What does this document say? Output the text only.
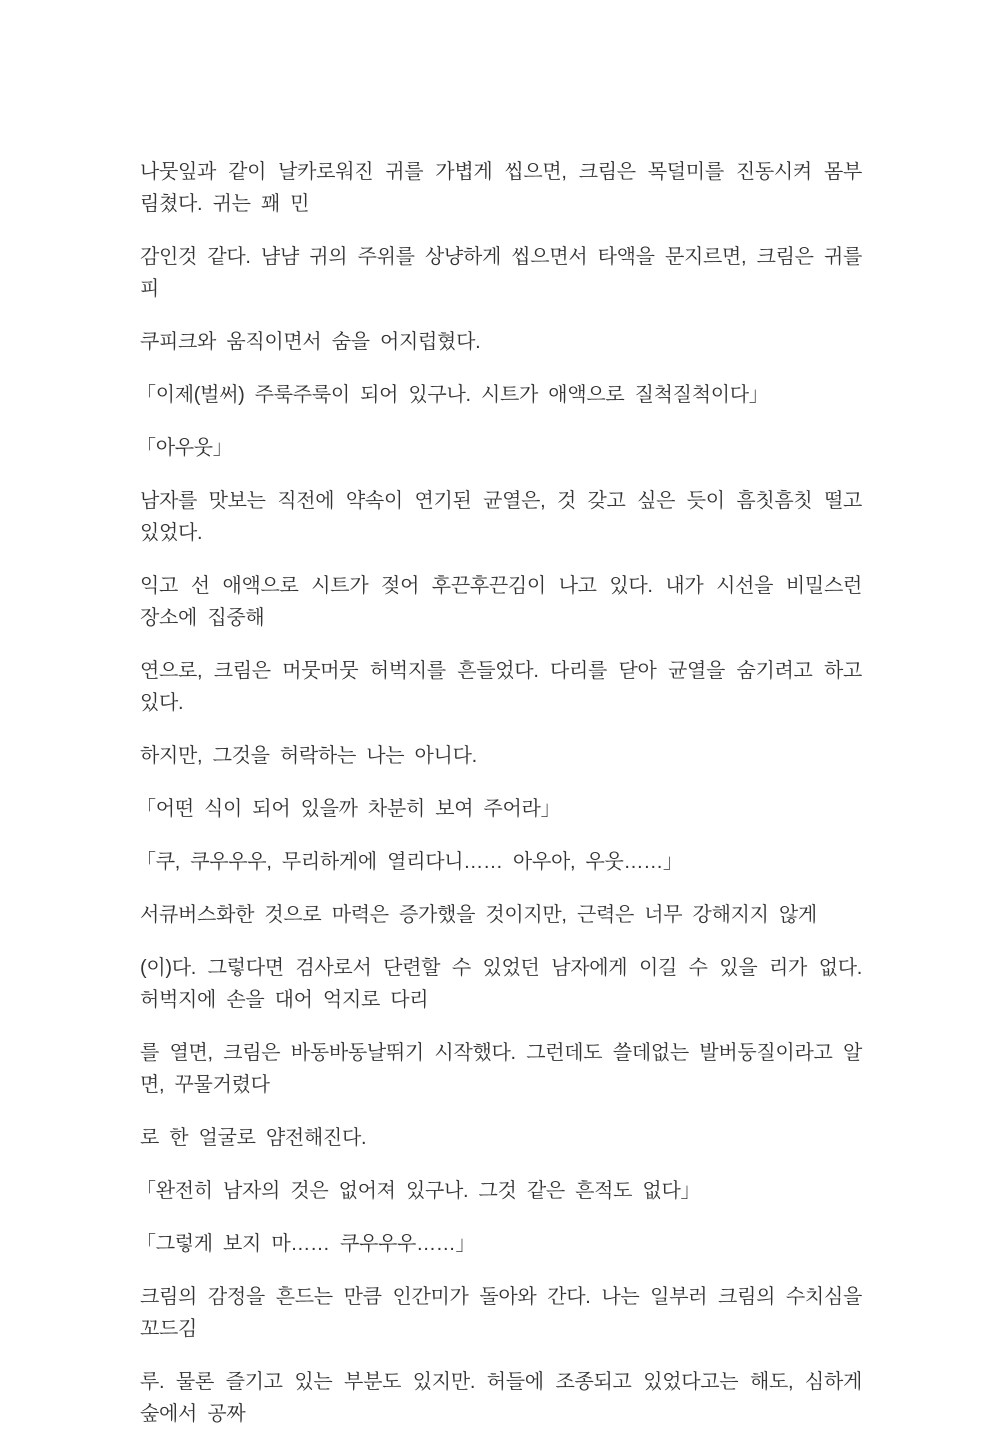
나뭇잎과 같이 날카로워진 귀를 가볍게 씹으면, 크림은 목덜미를 진동시켜 몸부림쳤다. 귀는 꽤 민

감인것 같다. 냠냠 귀의 주위를 상냥하게 씹으면서 타액을 문지르면, 크림은 귀를 피

쿠피크와 움직이면서 숨을 어지럽혔다.

「이제(벌써) 주룩주룩이 되어 있구나. 시트가 애액으로 질척질척이다」

「아우웃」

남자를 맛보는 직전에 약속이 연기된 균열은, 것 갖고 싶은 듯이 흠칫흠칫 떨고 있었다.

익고 선 애액으로 시트가 젖어 후끈후끈김이 나고 있다. 내가 시선을 비밀스런 장소에 집중해

연으로, 크림은 머뭇머뭇 허벅지를 흔들었다. 다리를 닫아 균열을 숨기려고 하고 있다.

하지만, 그것을 허락하는 나는 아니다.

「어떤 식이 되어 있을까 차분히 보여 주어라」

「쿠, 쿠우우우, 무리하게에 열리다니…… 아우아, 우웃……」

서큐버스화한 것으로 마력은 증가했을 것이지만, 근력은 너무 강해지지 않게

(이)다. 그렇다면 검사로서 단련할 수 있었던 남자에게 이길 수 있을 리가 없다. 허벅지에 손을 대어 억지로 다리

를 열면, 크림은 바동바동날뛰기 시작했다. 그런데도 쓸데없는 발버둥질이라고 알면, 꾸물거렸다

로 한 얼굴로 얌전해진다.

「완전히 남자의 것은 없어져 있구나. 그것 같은 흔적도 없다」

「그렇게 보지 마…… 쿠우우우……」

크림의 감정을 흔드는 만큼 인간미가 돌아와 간다. 나는 일부러 크림의 수치심을 꼬드김

루. 물론 즐기고 있는 부분도 있지만. 허들에 조종되고 있었다고는 해도, 심하게 숲에서 공짜
